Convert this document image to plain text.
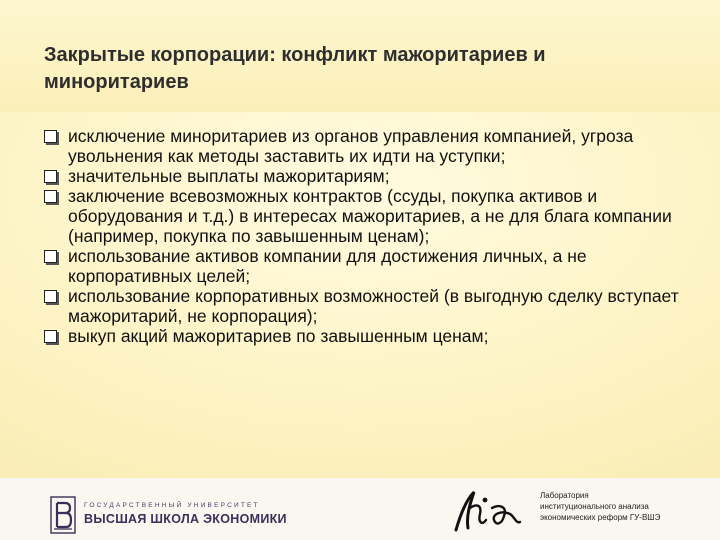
Закрытые корпорации: конфликт мажоритариев и миноритариев
исключение миноритариев из органов управления компанией, угроза увольнения как методы заставить их идти на уступки;
значительные выплаты мажоритариям;
заключение всевозможных контрактов (ссуды, покупка активов и оборудования и т.д.) в интересах мажоритариев, а не для блага компании (например, покупка по завышенным ценам);
использование активов компании для достижения личных, а не корпоративных целей;
использование корпоративных возможностей (в выгодную сделку вступает мажоритарий, не корпорация);
выкуп акций мажоритариев по завышенным ценам;
ГОСУДАРСТВЕННЫЙ УНИВЕРСИТЕТ
ВЫСШАЯ ШКОЛА ЭКОНОМИКИ
Лаборатория
институционального анализа
экономических реформ ГУ-ВШЭ
